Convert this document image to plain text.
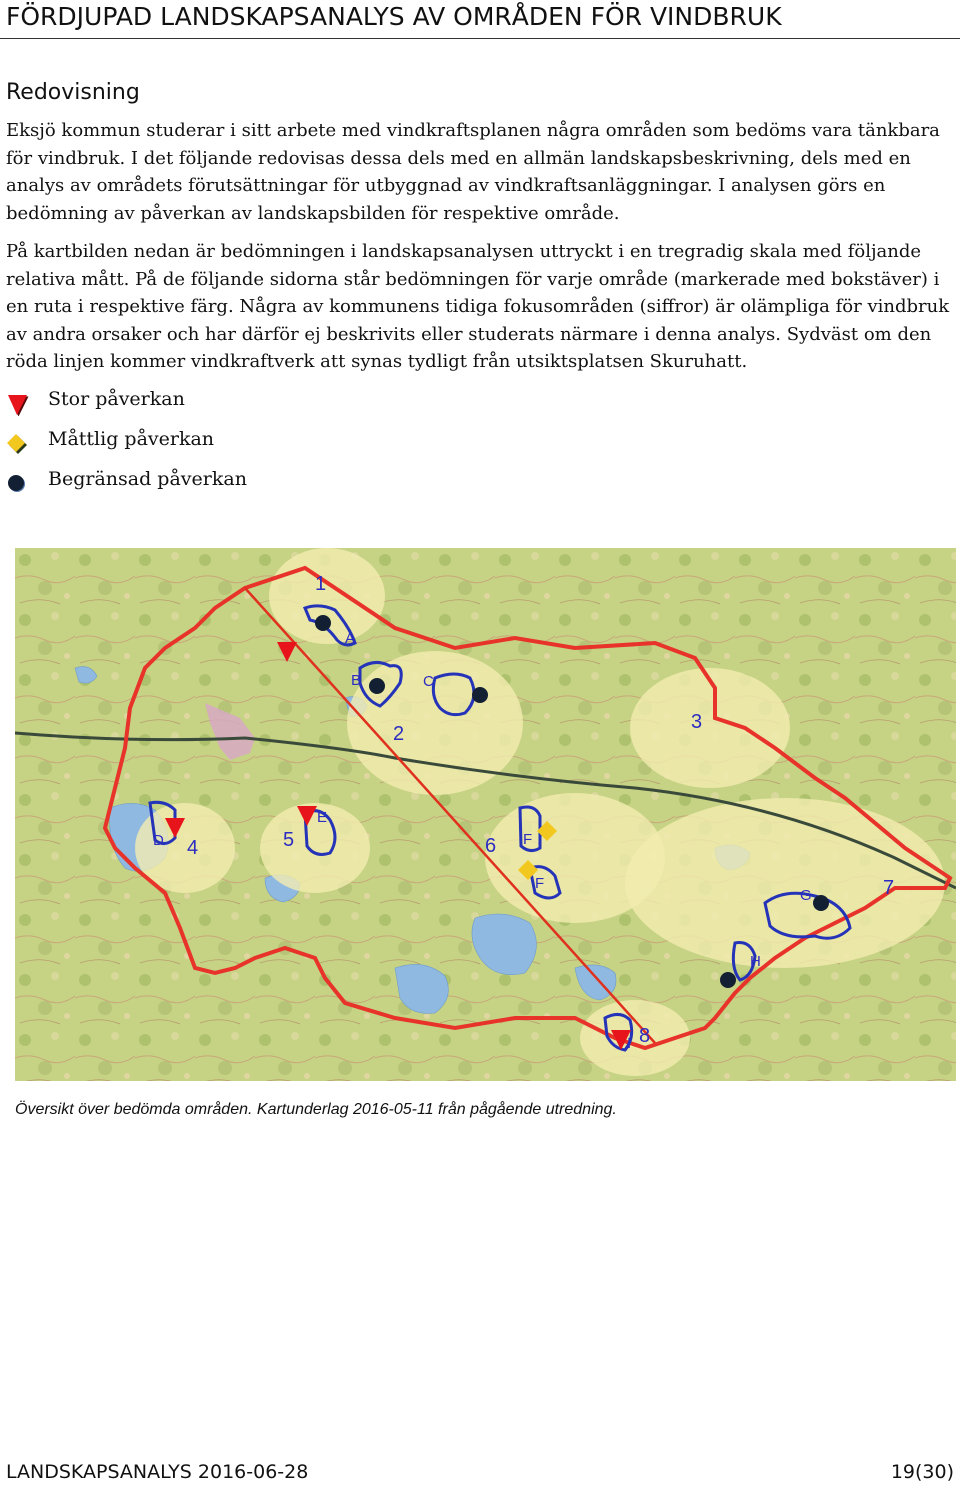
FÖRDJUPAD LANDSKAPSANALYS AV OMRÅDEN FÖR VINDBRUK
Redovisning

Eksjö kommun studerar i sitt arbete med vindkraftsplanen några områden som bedöms vara tänkbara för vindbruk. I det följande redovisas dessa dels med en allmän landskapsbeskrivning, dels med en analys av områdets förutsättningar för utbyggnad av vindkraftsanläggningar. I analysen görs en bedömning av påverkan av landskapsbilden för respektive område.

På kartbilden nedan är bedömningen i landskapsanalysen uttryckt i en tregradig skala med följande relativa mått. På de följande sidorna står bedömningen för varje område (markerade med bokstäver) i en ruta i respektive färg. Några av kommunens tidiga fokusområden (siffror) är olämpliga för vindbruk av andra orsaker och har därför ej beskrivits eller studerats närmare i denna analys. Sydväst om den röda linjen kommer vindkraftverk att synas tydligt från utsiktsplatsen Skuruhatt.

Stor påverkan
Måttlig påverkan
Begränsad påverkan
A
B	C
D
E
F
F
G
H
I
1
2
3
4	5	6
7
8
Översikt över bedömda områden. Kartunderlag 2016-05-11 från pågående utredning.
LANDSKAPSANALYS 2016-06-28	19(30)
